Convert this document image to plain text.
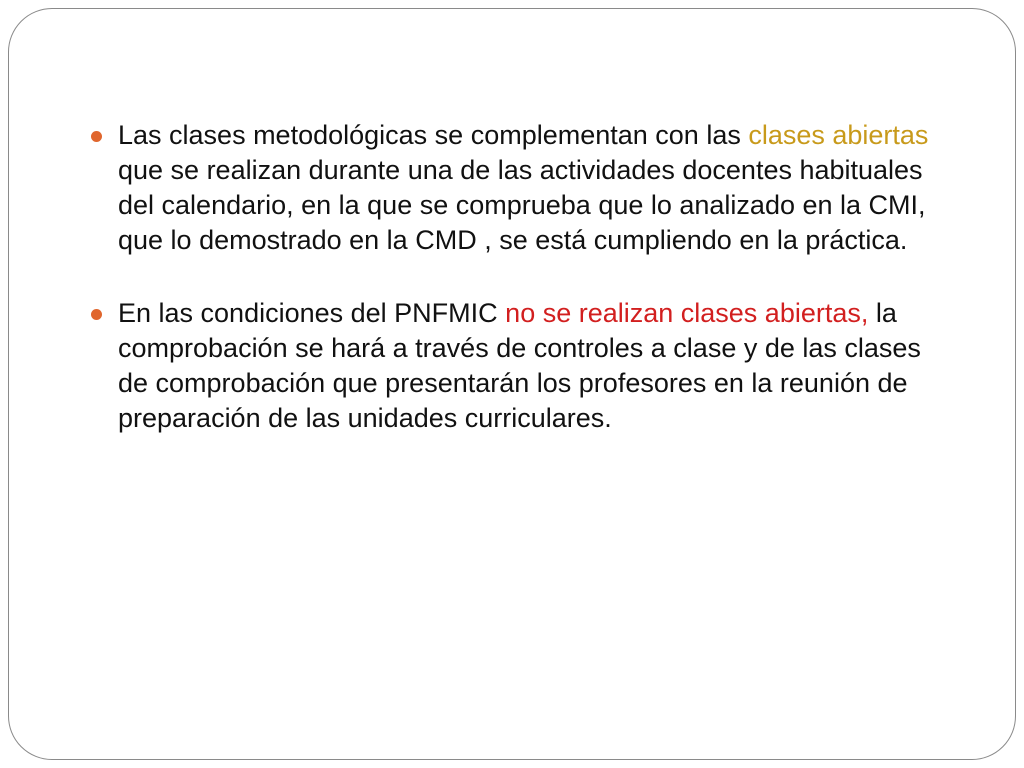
Las clases metodológicas se complementan con las clases abiertas que se realizan durante una de las actividades docentes habituales del calendario, en la que se comprueba que lo analizado en la CMI, que lo demostrado en la CMD , se está cumpliendo en la práctica.
En las condiciones del PNFMIC no se realizan clases abiertas, la comprobación se hará a través de controles a clase y de las clases de comprobación que presentarán los profesores en la reunión de preparación de las unidades curriculares.
